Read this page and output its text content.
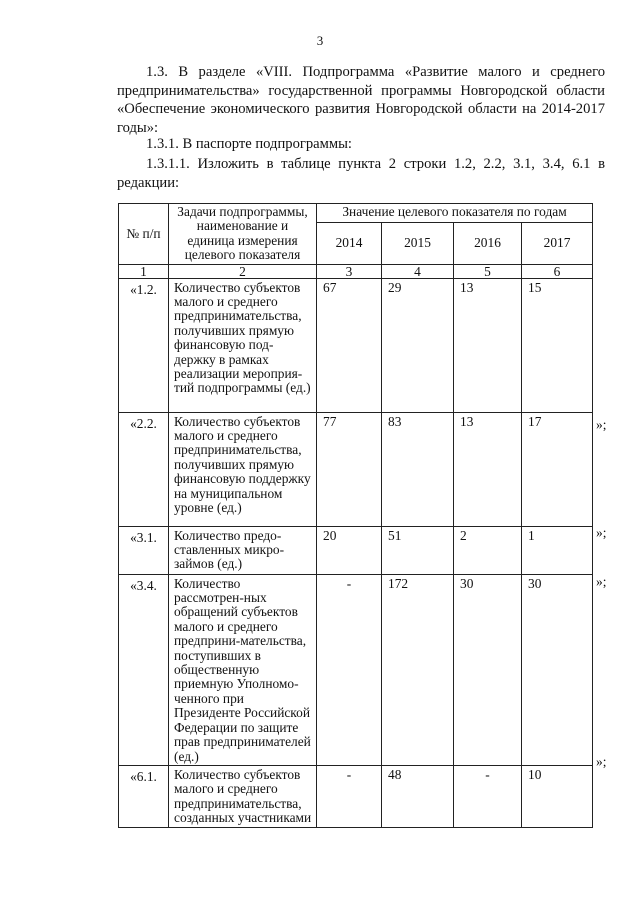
3

1.3. В разделе «VIII. Подпрограмма «Развитие малого и среднего предпринимательства» государственной программы Новгородской области «Обеспечение экономического развития Новгородской области на 2014-2017 годы»:

1.3.1. В паспорте подпрограммы:

1.3.1.1. Изложить в таблице пункта 2 строки 1.2, 2.2, 3.1, 3.4, 6.1 в редакции:

№ п/п	Задачи подпрограммы, наименование и единица измерения целевого показателя	Значение целевого показателя по годам			
		2014	2015	2016	2017
1	2	3	4	5	6
«1.2.	Количество субъектов малого и среднего предпринимательства, получивших прямую финансовую под-держку в рамках реализации мероприя-тий подпрограммы (ед.)	67	29	13	15
«2.2.	Количество субъектов малого и среднего предпринимательства, получивших прямую финансовую поддержку на муниципальном уровне (ед.)	77	83	13	17
«3.1.	Количество предо-ставленных микро-займов (ед.)	20	51	2	1
«3.4.	Количество рассмотрен-ных обращений субъектов малого и среднего предприни-мательства, поступивших в общественную приемную Уполномо-ченного при Президенте Российской Федерации по защите прав предпринимателей (ед.)	-	172	30	30
«6.1.	Количество субъектов малого и среднего предпринимательства, созданных участниками	-	48	-	10
»;
»;
»;
»;
